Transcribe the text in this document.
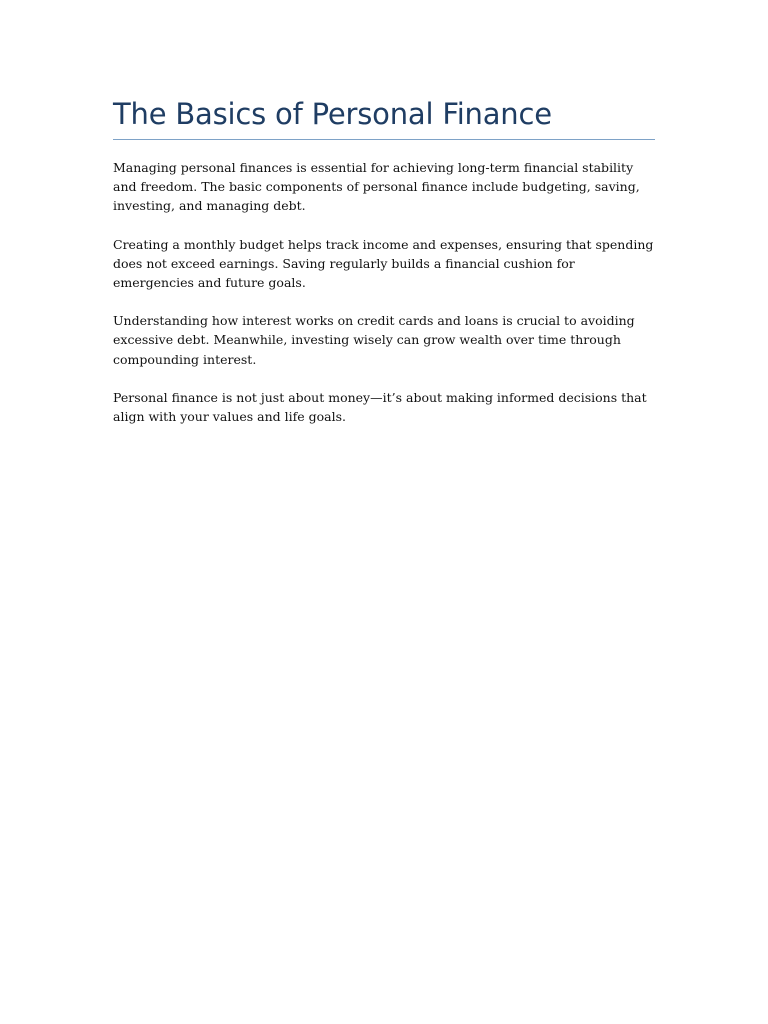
The Basics of Personal Finance

Managing personal finances is essential for achieving long-term financial stability and freedom. The basic components of personal finance include budgeting, saving, investing, and managing debt.

Creating a monthly budget helps track income and expenses, ensuring that spending does not exceed earnings. Saving regularly builds a financial cushion for emergencies and future goals.

Understanding how interest works on credit cards and loans is crucial to avoiding excessive debt. Meanwhile, investing wisely can grow wealth over time through compounding interest.

Personal finance is not just about money—it’s about making informed decisions that align with your values and life goals.
